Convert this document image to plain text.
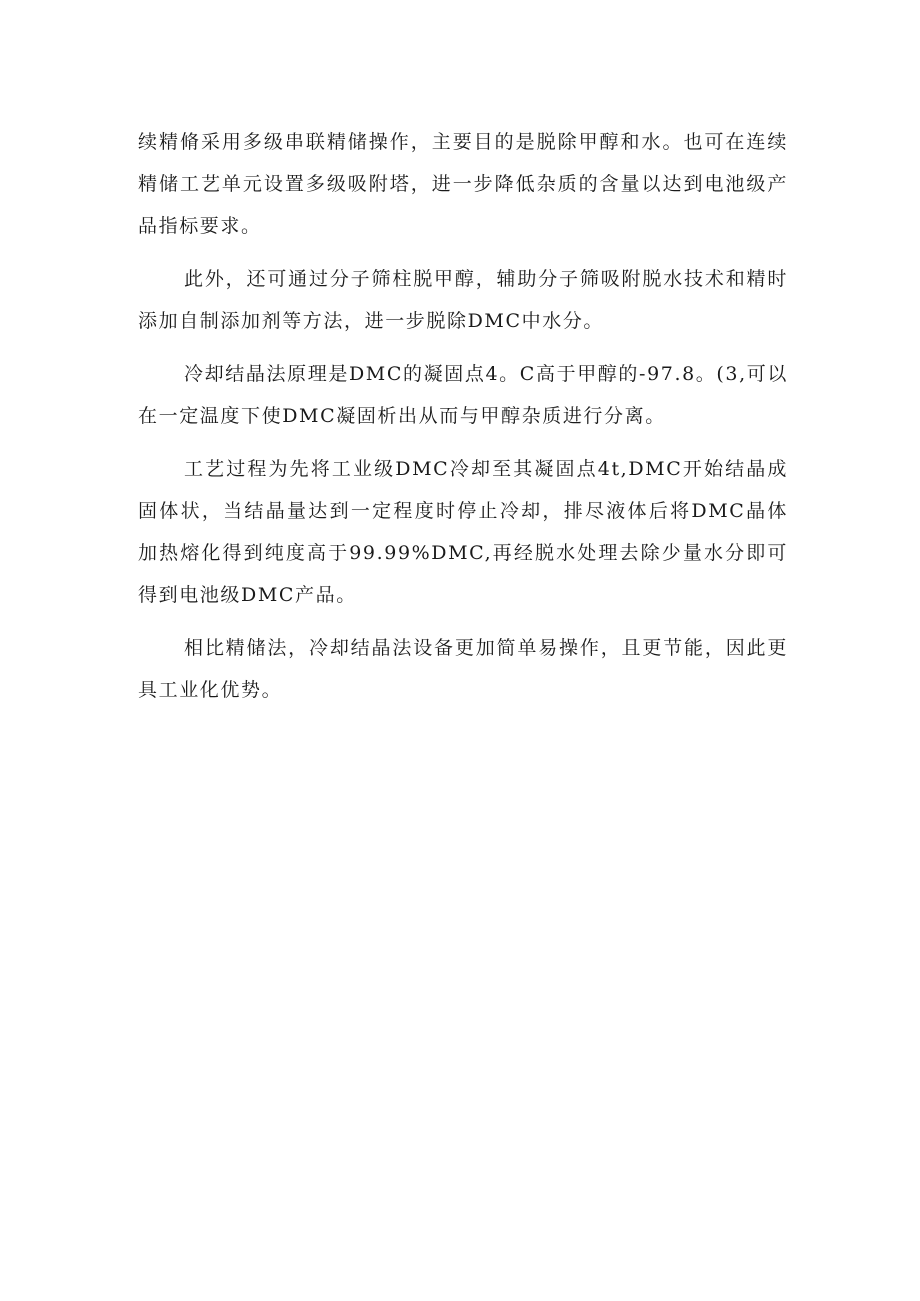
续精脩采用多级串联精储操作，主要目的是脱除甲醇和水。也可在连续精储工艺单元设置多级吸附塔，进一步降低杂质的含量以达到电池级产品指标要求。

此外，还可通过分子筛柱脱甲醇，辅助分子筛吸附脱水技术和精时添加自制添加剂等方法，进一步脱除DMC中水分。

冷却结晶法原理是DMC的凝固点4。C高于甲醇的-97.8。(3,可以在一定温度下使DMC凝固析出从而与甲醇杂质进行分离。

工艺过程为先将工业级DMC冷却至其凝固点4t,DMC开始结晶成固体状，当结晶量达到一定程度时停止冷却，排尽液体后将DMC晶体加热熔化得到纯度高于99.99%DMC,再经脱水处理去除少量水分即可得到电池级DMC产品。

相比精储法，冷却结晶法设备更加简单易操作，且更节能，因此更具工业化优势。
